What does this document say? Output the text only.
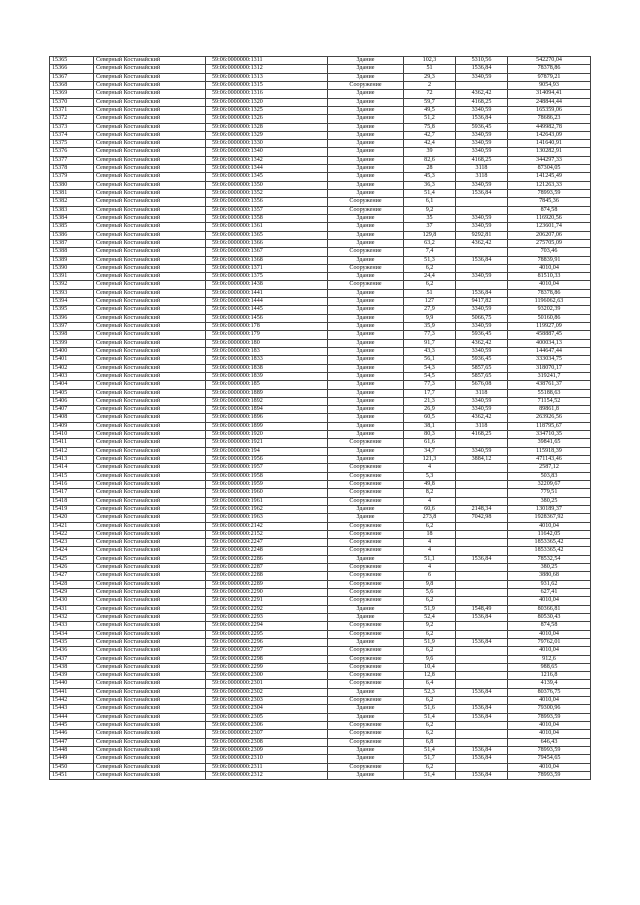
15365	Северный Костанайский	59:06:0000000:1311	Здание	102,3	5310,56	542270,04
15366	Северный Костанайский	59:06:0000000:1312	Здание	51	1536,84	78378,86
15367	Северный Костанайский	59:06:0000000:1313	Здание	29,3	3340,59	97879,21
15368	Северный Костанайский	59:06:0000000:1315	Сооружение	2		9054,93
15369	Северный Костанайский	59:06:0000000:1316	Здание	72	4362,42	314094,41
15370	Северный Костанайский	59:06:0000000:1320	Здание	59,7	4168,25	248844,44
15371	Северный Костанайский	59:06:0000000:1325	Здание	49,5	3340,59	165359,06
15372	Северный Костанайский	59:06:0000000:1326	Здание	51,2	1536,84	78686,23
15373	Северный Костанайский	59:06:0000000:1328	Здание	75,8	5936,45	449982,78
15374	Северный Костанайский	59:06:0000000:1329	Здание	42,7	3340,59	142643,09
15375	Северный Костанайский	59:06:0000000:1330	Здание	42,4	3340,59	141640,91
15376	Северный Костанайский	59:06:0000000:1340	Здание	39	3340,59	130282,91
15377	Северный Костанайский	59:06:0000000:1342	Здание	82,6	4168,25	344297,33
15378	Северный Костанайский	59:06:0000000:1344	Здание	28	3118	87304,05
15379	Северный Костанайский	59:06:0000000:1345	Здание	45,3	3118	141245,49
15380	Северный Костанайский	59:06:0000000:1350	Здание	36,3	3340,59	121263,33
15381	Северный Костанайский	59:06:0000000:1352	Здание	51,4	1536,84	78993,59
15382	Северный Костанайский	59:06:0000000:1356	Сооружение	6,1		7845,36
15383	Северный Костанайский	59:06:0000000:1357	Сооружение	9,2		874,58
15384	Северный Костанайский	59:06:0000000:1358	Здание	35	3340,59	116920,56
15385	Северный Костанайский	59:06:0000000:1361	Здание	37	3340,59	123601,74
15386	Северный Костанайский	59:06:0000000:1365	Здание	129,8	9292,81	206207,06
15387	Северный Костанайский	59:06:0000000:1366	Здание	63,2	4362,42	275705,09
15388	Северный Костанайский	59:06:0000000:1367	Сооружение	7,4		703,46
15389	Северный Костанайский	59:06:0000000:1368	Здание	51,3	1536,84	78839,91
15390	Северный Костанайский	59:06:0000000:1371	Сооружение	6,2		4010,04
15391	Северный Костанайский	59:06:0000000:1375	Здание	24,4	3340,59	81510,33
15392	Северный Костанайский	59:06:0000000:1438	Сооружение	6,2		4010,04
15393	Северный Костанайский	59:06:0000000:1441	Здание	51	1536,84	78378,86
15394	Северный Костанайский	59:06:0000000:1444	Здание	127	9417,82	1196062,63
15395	Северный Костанайский	59:06:0000000:1445	Здание	27,9	3340,59	93202,39
15396	Северный Костанайский	59:06:0000000:1456	Здание	9,9	5066,75	50160,86
15397	Северный Костанайский	59:06:0000000:178	Здание	35,9	3340,59	119927,09
15398	Северный Костанайский	59:06:0000000:179	Здание	77,3	5936,45	458887,45
15399	Северный Костанайский	59:06:0000000:180	Здание	91,7	4362,42	400034,13
15400	Северный Костанайский	59:06:0000000:183	Здание	43,3	3340,59	144647,44
15401	Северный Костанайский	59:06:0000000:1833	Здание	56,1	5936,45	333034,75
15402	Северный Костанайский	59:06:0000000:1838	Здание	54,3	5857,65	318070,17
15403	Северный Костанайский	59:06:0000000:1839	Здание	54,5	5857,65	319241,7
15404	Северный Костанайский	59:06:0000000:185	Здание	77,3	5676,08	438761,37
15405	Северный Костанайский	59:06:0000000:1889	Здание	17,7	3118	55188,63
15406	Северный Костанайский	59:06:0000000:1892	Здание	21,3	3340,59	71154,52
15407	Северный Костанайский	59:06:0000000:1894	Здание	26,9	3340,59	89861,8
15408	Северный Костанайский	59:06:0000000:1896	Здание	60,5	4362,42	263926,56
15409	Северный Костанайский	59:06:0000000:1899	Здание	38,1	3118	118795,67
15410	Северный Костанайский	59:06:0000000:1920	Здание	80,3	4168,25	334710,35
15411	Северный Костанайский	59:06:0000000:1921	Сооружение	61,6		39841,65
15412	Северный Костанайский	59:06:0000000:194	Здание	34,7	3340,59	115918,39
15413	Северный Костанайский	59:06:0000000:1956	Здание	121,3	3884,12	471143,46
15414	Северный Костанайский	59:06:0000000:1957	Сооружение	4		2587,12
15415	Северный Костанайский	59:06:0000000:1958	Сооружение	5,3		503,83
15416	Северный Костанайский	59:06:0000000:1959	Сооружение	49,8		32209,67
15417	Северный Костанайский	59:06:0000000:1960	Сооружение	8,2		779,51
15418	Северный Костанайский	59:06:0000000:1961	Сооружение	4		380,25
15419	Северный Костанайский	59:06:0000000:1962	Здание	60,6	2148,34	130189,37
15420	Северный Костанайский	59:06:0000000:1963	Здание	273,8	7042,98	1928367,92
15421	Северный Костанайский	59:06:0000000:2142	Сооружение	6,2		4010,04
15422	Северный Костанайский	59:06:0000000:2152	Сооружение	18		11642,05
15423	Северный Костанайский	59:06:0000000:2247	Сооружение	4		1853365,42
15424	Северный Костанайский	59:06:0000000:2248	Сооружение	4		1853365,42
15425	Северный Костанайский	59:06:0000000:2286	Здание	51,1	1536,84	78532,54
15426	Северный Костанайский	59:06:0000000:2287	Сооружение	4		380,25
15427	Северный Костанайский	59:06:0000000:2288	Сооружение	6		3880,68
15428	Северный Костанайский	59:06:0000000:2289	Сооружение	9,8		931,62
15429	Северный Костанайский	59:06:0000000:2290	Сооружение	5,6		627,41
15430	Северный Костанайский	59:06:0000000:2291	Сооружение	6,2		4010,04
15431	Северный Костанайский	59:06:0000000:2292	Здание	51,9	1548,49	80366,81
15432	Северный Костанайский	59:06:0000000:2293	Здание	52,4	1536,84	80530,43
15433	Северный Костанайский	59:06:0000000:2294	Сооружение	9,2		874,58
15434	Северный Костанайский	59:06:0000000:2295	Сооружение	6,2		4010,04
15435	Северный Костанайский	59:06:0000000:2296	Здание	51,9	1536,84	79762,01
15436	Северный Костанайский	59:06:0000000:2297	Сооружение	6,2		4010,04
15437	Северный Костанайский	59:06:0000000:2298	Сооружение	9,6		912,6
15438	Северный Костанайский	59:06:0000000:2299	Сооружение	10,4		988,65
15439	Северный Костанайский	59:06:0000000:2300	Сооружение	12,8		1216,8
15440	Северный Костанайский	59:06:0000000:2301	Сооружение	6,4		4139,4
15441	Северный Костанайский	59:06:0000000:2302	Здание	52,3	1536,84	80376,75
15442	Северный Костанайский	59:06:0000000:2303	Сооружение	6,2		4010,04
15443	Северный Костанайский	59:06:0000000:2304	Здание	51,6	1536,84	79300,96
15444	Северный Костанайский	59:06:0000000:2305	Здание	51,4	1536,84	78993,59
15445	Северный Костанайский	59:06:0000000:2306	Сооружение	6,2		4010,04
15446	Северный Костанайский	59:06:0000000:2307	Сооружение	6,2		4010,04
15447	Северный Костанайский	59:06:0000000:2308	Сооружение	6,8		646,43
15448	Северный Костанайский	59:06:0000000:2309	Здание	51,4	1536,84	78993,59
15449	Северный Костанайский	59:06:0000000:2310	Здание	51,7	1536,84	79454,65
15450	Северный Костанайский	59:06:0000000:2311	Сооружение	6,2		4010,04
15451	Северный Костанайский	59:06:0000000:2312	Здание	51,4	1536,84	78993,59
